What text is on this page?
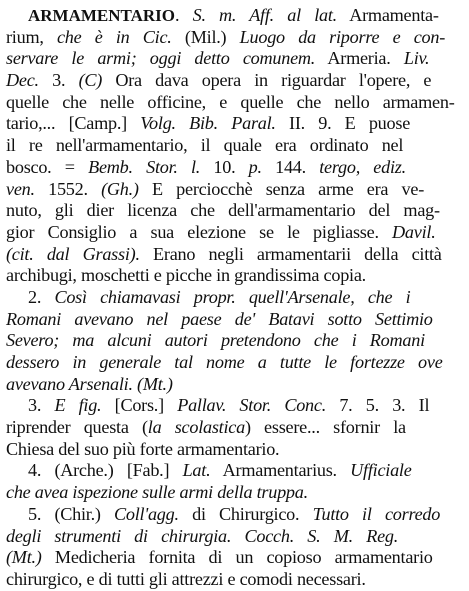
ARMAMENTARIO. S. m. Aff. al lat. Armamenta-
rium, che è in Cic. (Mil.) Luogo da riporre e con-
servare le armi; oggi detto comunem. Armeria. Liv.
Dec. 3. (C) Ora dava opera in riguardar l'opere, e
quelle che nelle officine, e quelle che nello armamen-
tario,... [Camp.] Volg. Bib. Paral. II. 9. E puose
il re nell'armamentario, il quale era ordinato nel
bosco. = Bemb. Stor. l. 10. p. 144. tergo, ediz.
ven. 1552. (Gh.) E perciocchè senza arme era ve-
nuto, gli dier licenza che dell'armamentario del mag-
gior Consiglio a sua elezione se le pigliasse. Davil.
(cit. dal Grassi). Erano negli armamentarii della città
archibugi, moschetti e picche in grandissima copia.
2. Così chiamavasi propr. quell'Arsenale, che i
Romani avevano nel paese de' Batavi sotto Settimio
Severo; ma alcuni autori pretendono che i Romani
dessero in generale tal nome a tutte le fortezze ove
avevano Arsenali. (Mt.)
3. E fig. [Cors.] Pallav. Stor. Conc. 7. 5. 3. Il
riprender questa (la scolastica) essere... sfornir la
Chiesa del suo più forte armamentario.
4. (Arche.) [Fab.] Lat. Armamentarius. Ufficiale
che avea ispezione sulle armi della truppa.
5. (Chir.) Coll'agg. di Chirurgico. Tutto il corredo
degli strumenti di chirurgia. Cocch. S. M. Reg.
(Mt.) Medicheria fornita di un copioso armamentario
chirurgico, e di tutti gli attrezzi e comodi necessari.
